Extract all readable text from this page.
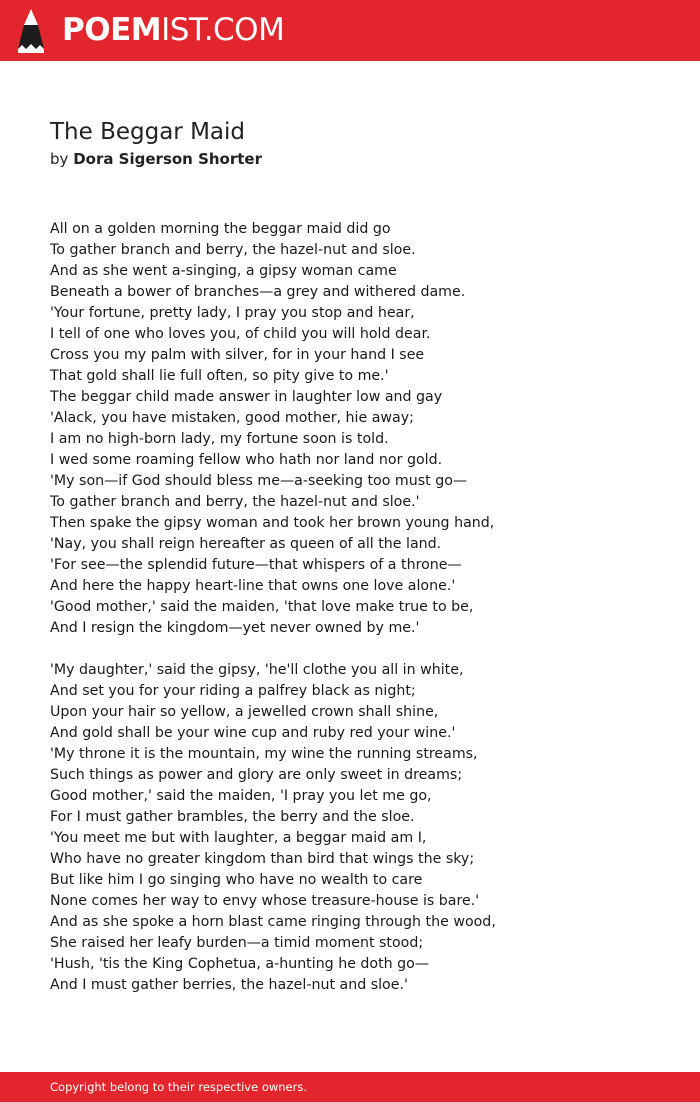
POEMIST.COM
The Beggar Maid
by Dora Sigerson Shorter
All on a golden morning the beggar maid did go
To gather branch and berry, the hazel-nut and sloe.
And as she went a-singing, a gipsy woman came
Beneath a bower of branches—a grey and withered dame.
'Your fortune, pretty lady, I pray you stop and hear,
I tell of one who loves you, of child you will hold dear.
Cross you my palm with silver, for in your hand I see
That gold shall lie full often, so pity give to me.'
The beggar child made answer in laughter low and gay
'Alack, you have mistaken, good mother, hie away;
I am no high-born lady, my fortune soon is told.
I wed some roaming fellow who hath nor land nor gold.
'My son—if God should bless me—a-seeking too must go—
To gather branch and berry, the hazel-nut and sloe.'
Then spake the gipsy woman and took her brown young hand,
'Nay, you shall reign hereafter as queen of all the land.
'For see—the splendid future—that whispers of a throne—
And here the happy heart-line that owns one love alone.'
'Good mother,' said the maiden, 'that love make true to be,
And I resign the kingdom—yet never owned by me.'
'My daughter,' said the gipsy, 'he'll clothe you all in white,
And set you for your riding a palfrey black as night;
Upon your hair so yellow, a jewelled crown shall shine,
And gold shall be your wine cup and ruby red your wine.'
'My throne it is the mountain, my wine the running streams,
Such things as power and glory are only sweet in dreams;
Good mother,' said the maiden, 'I pray you let me go,
For I must gather brambles, the berry and the sloe.
'You meet me but with laughter, a beggar maid am I,
Who have no greater kingdom than bird that wings the sky;
But like him I go singing who have no wealth to care
None comes her way to envy whose treasure-house is bare.'
And as she spoke a horn blast came ringing through the wood,
She raised her leafy burden—a timid moment stood;
'Hush, 'tis the King Cophetua, a-hunting he doth go—
And I must gather berries, the hazel-nut and sloe.'
Copyright belong to their respective owners.
